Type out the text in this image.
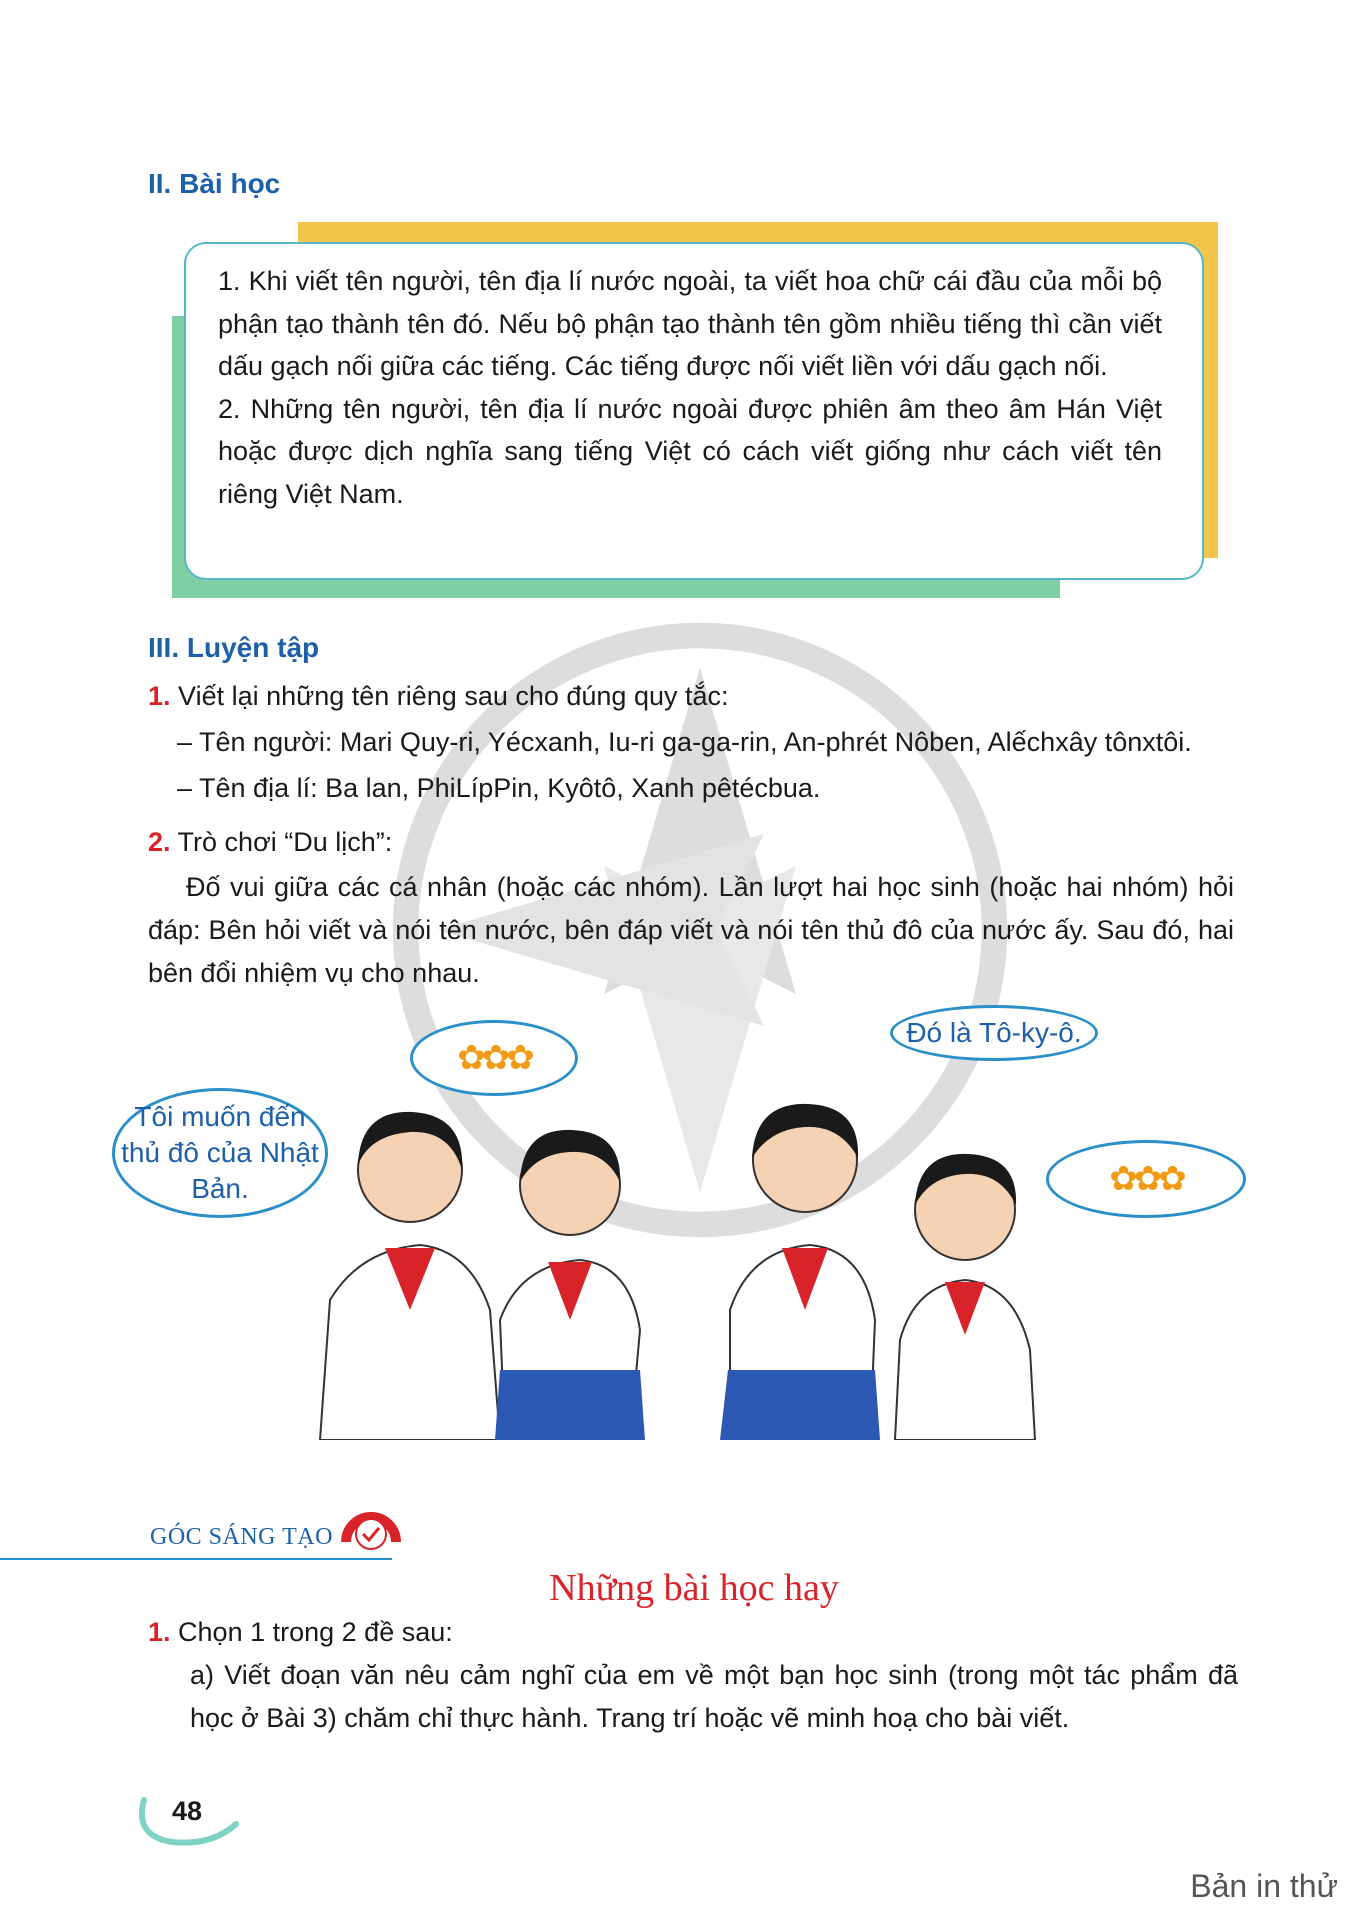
II. Bài học

1. Khi viết tên người, tên địa lí nước ngoài, ta viết hoa chữ cái đầu của mỗi bộ phận tạo thành tên đó. Nếu bộ phận tạo thành tên gồm nhiều tiếng thì cần viết dấu gạch nối giữa các tiếng. Các tiếng được nối viết liền với dấu gạch nối.

2. Những tên người, tên địa lí nước ngoài được phiên âm theo âm Hán Việt hoặc được dịch nghĩa sang tiếng Việt có cách viết giống như cách viết tên riêng Việt Nam.

III. Luyện tập
1. Viết lại những tên riêng sau cho đúng quy tắc:
– Tên người: Mari Quy-ri, Yécxanh, Iu-ri ga-ga-rin, An-phrét Nôben, Alếchxây tônxtôi.
– Tên địa lí: Ba lan, PhiLípPin, Kyôtô, Xanh pêtécbua.
2. Trò chơi “Du lịch”:
Đố vui giữa các cá nhân (hoặc các nhóm). Lần lượt hai học sinh (hoặc hai nhóm) hỏi đáp: Bên hỏi viết và nói tên nước, bên đáp viết và nói tên thủ đô của nước ấy. Sau đó, hai bên đổi nhiệm vụ cho nhau.
Tôi muốn đến thủ đô của Nhật Bản.
✿✿✿
Đó là Tô-ky-ô.
✿✿✿
GÓC SÁNG TẠO
Những bài học hay
1. Chọn 1 trong 2 đề sau:
a) Viết đoạn văn nêu cảm nghĩ của em về một bạn học sinh (trong một tác phẩm đã học ở Bài 3) chăm chỉ thực hành. Trang trí hoặc vẽ minh hoạ cho bài viết.
48
Bản in thử
